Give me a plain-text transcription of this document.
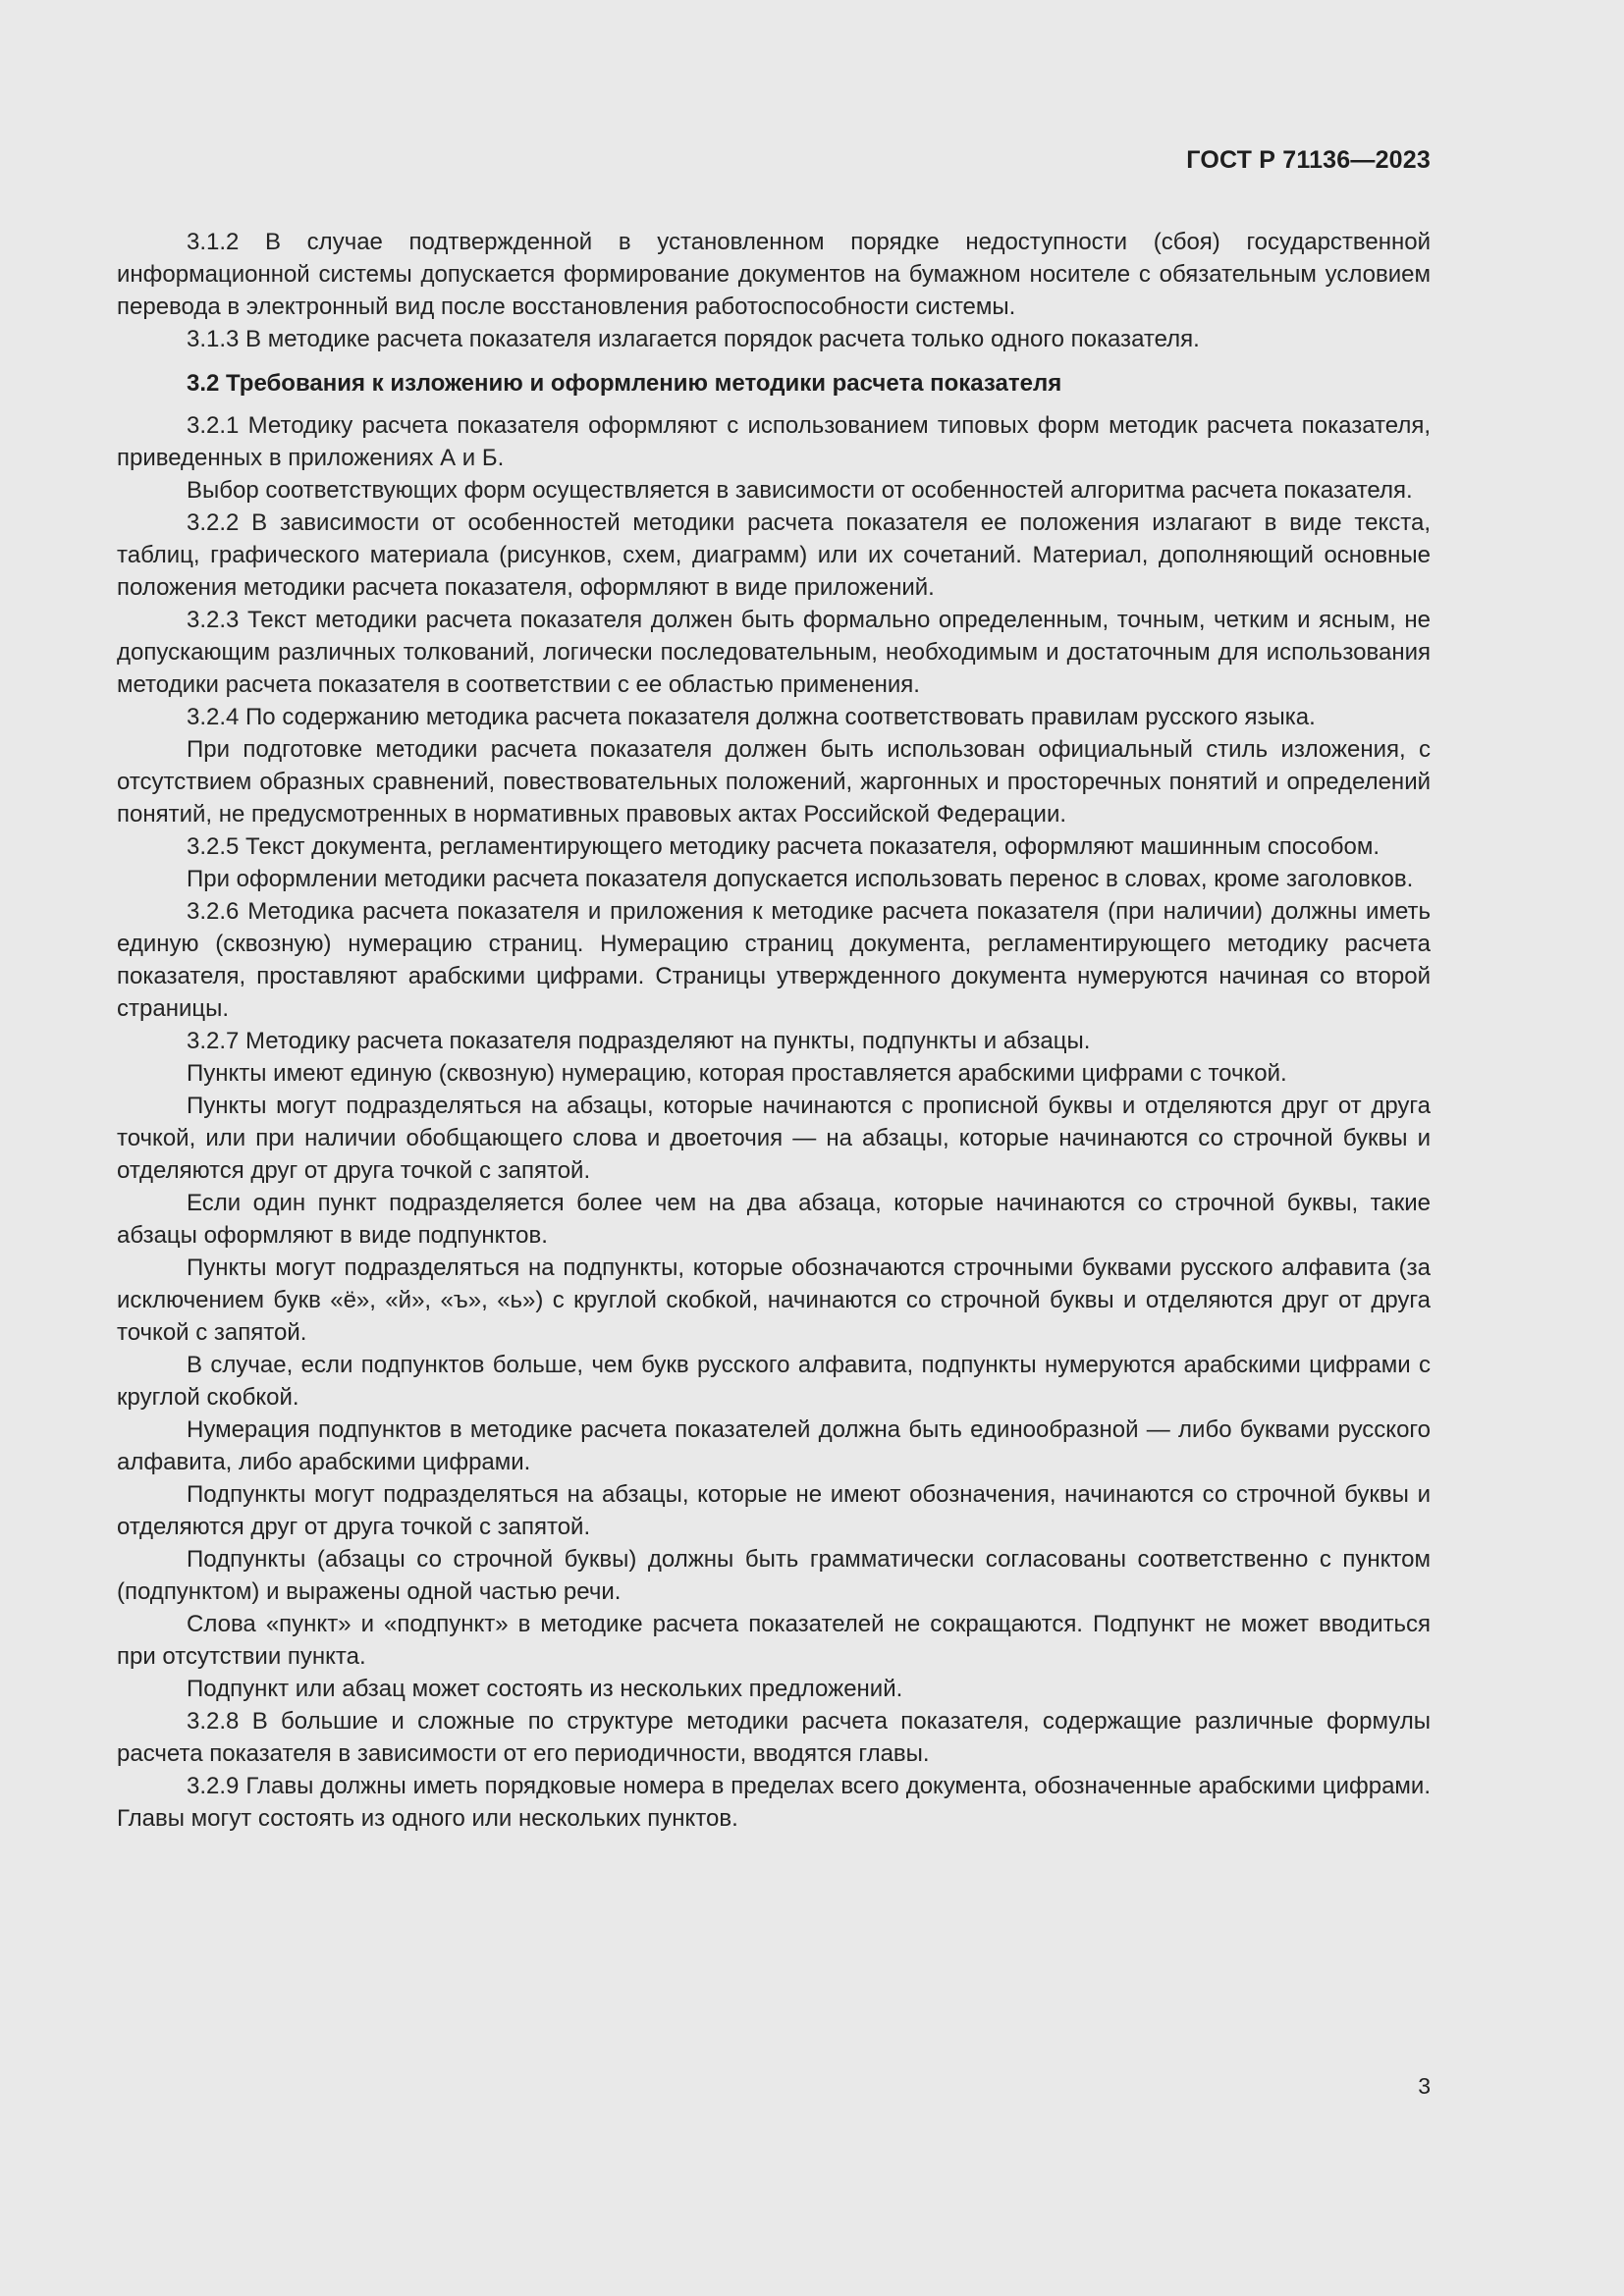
ГОСТ Р 71136—2023

3.1.2 В случае подтвержденной в установленном порядке недоступности (сбоя) государственной информационной системы допускается формирование документов на бумажном носителе с обязательным условием перевода в электронный вид после восстановления работоспособности системы.

3.1.3 В методике расчета показателя излагается порядок расчета только одного показателя.

3.2 Требования к изложению и оформлению методики расчета показателя

3.2.1 Методику расчета показателя оформляют с использованием типовых форм методик расчета показателя, приведенных в приложениях А и Б.

Выбор соответствующих форм осуществляется в зависимости от особенностей алгоритма расчета показателя.

3.2.2 В зависимости от особенностей методики расчета показателя ее положения излагают в виде текста, таблиц, графического материала (рисунков, схем, диаграмм) или их сочетаний. Материал, дополняющий основные положения методики расчета показателя, оформляют в виде приложений.

3.2.3 Текст методики расчета показателя должен быть формально определенным, точным, четким и ясным, не допускающим различных толкований, логически последовательным, необходимым и достаточным для использования методики расчета показателя в соответствии с ее областью применения.

3.2.4 По содержанию методика расчета показателя должна соответствовать правилам русского языка.

При подготовке методики расчета показателя должен быть использован официальный стиль изложения, с отсутствием образных сравнений, повествовательных положений, жаргонных и просторечных понятий и определений понятий, не предусмотренных в нормативных правовых актах Российской Федерации.

3.2.5 Текст документа, регламентирующего методику расчета показателя, оформляют машинным способом.

При оформлении методики расчета показателя допускается использовать перенос в словах, кроме заголовков.

3.2.6 Методика расчета показателя и приложения к методике расчета показателя (при наличии) должны иметь единую (сквозную) нумерацию страниц. Нумерацию страниц документа, регламентирующего методику расчета показателя, проставляют арабскими цифрами. Страницы утвержденного документа нумеруются начиная со второй страницы.

3.2.7 Методику расчета показателя подразделяют на пункты, подпункты и абзацы.

Пункты имеют единую (сквозную) нумерацию, которая проставляется арабскими цифрами с точкой.

Пункты могут подразделяться на абзацы, которые начинаются с прописной буквы и отделяются друг от друга точкой, или при наличии обобщающего слова и двоеточия — на абзацы, которые начинаются со строчной буквы и отделяются друг от друга точкой с запятой.

Если один пункт подразделяется более чем на два абзаца, которые начинаются со строчной буквы, такие абзацы оформляют в виде подпунктов.

Пункты могут подразделяться на подпункты, которые обозначаются строчными буквами русского алфавита (за исключением букв «ё», «й», «ъ», «ь») с круглой скобкой, начинаются со строчной буквы и отделяются друг от друга точкой с запятой.

В случае, если подпунктов больше, чем букв русского алфавита, подпункты нумеруются арабскими цифрами с круглой скобкой.

Нумерация подпунктов в методике расчета показателей должна быть единообразной — либо буквами русского алфавита, либо арабскими цифрами.

Подпункты могут подразделяться на абзацы, которые не имеют обозначения, начинаются со строчной буквы и отделяются друг от друга точкой с запятой.

Подпункты (абзацы со строчной буквы) должны быть грамматически согласованы соответственно с пунктом (подпунктом) и выражены одной частью речи.

Слова «пункт» и «подпункт» в методике расчета показателей не сокращаются. Подпункт не может вводиться при отсутствии пункта.

Подпункт или абзац может состоять из нескольких предложений.

3.2.8 В большие и сложные по структуре методики расчета показателя, содержащие различные формулы расчета показателя в зависимости от его периодичности, вводятся главы.

3.2.9 Главы должны иметь порядковые номера в пределах всего документа, обозначенные арабскими цифрами. Главы могут состоять из одного или нескольких пунктов.

3
